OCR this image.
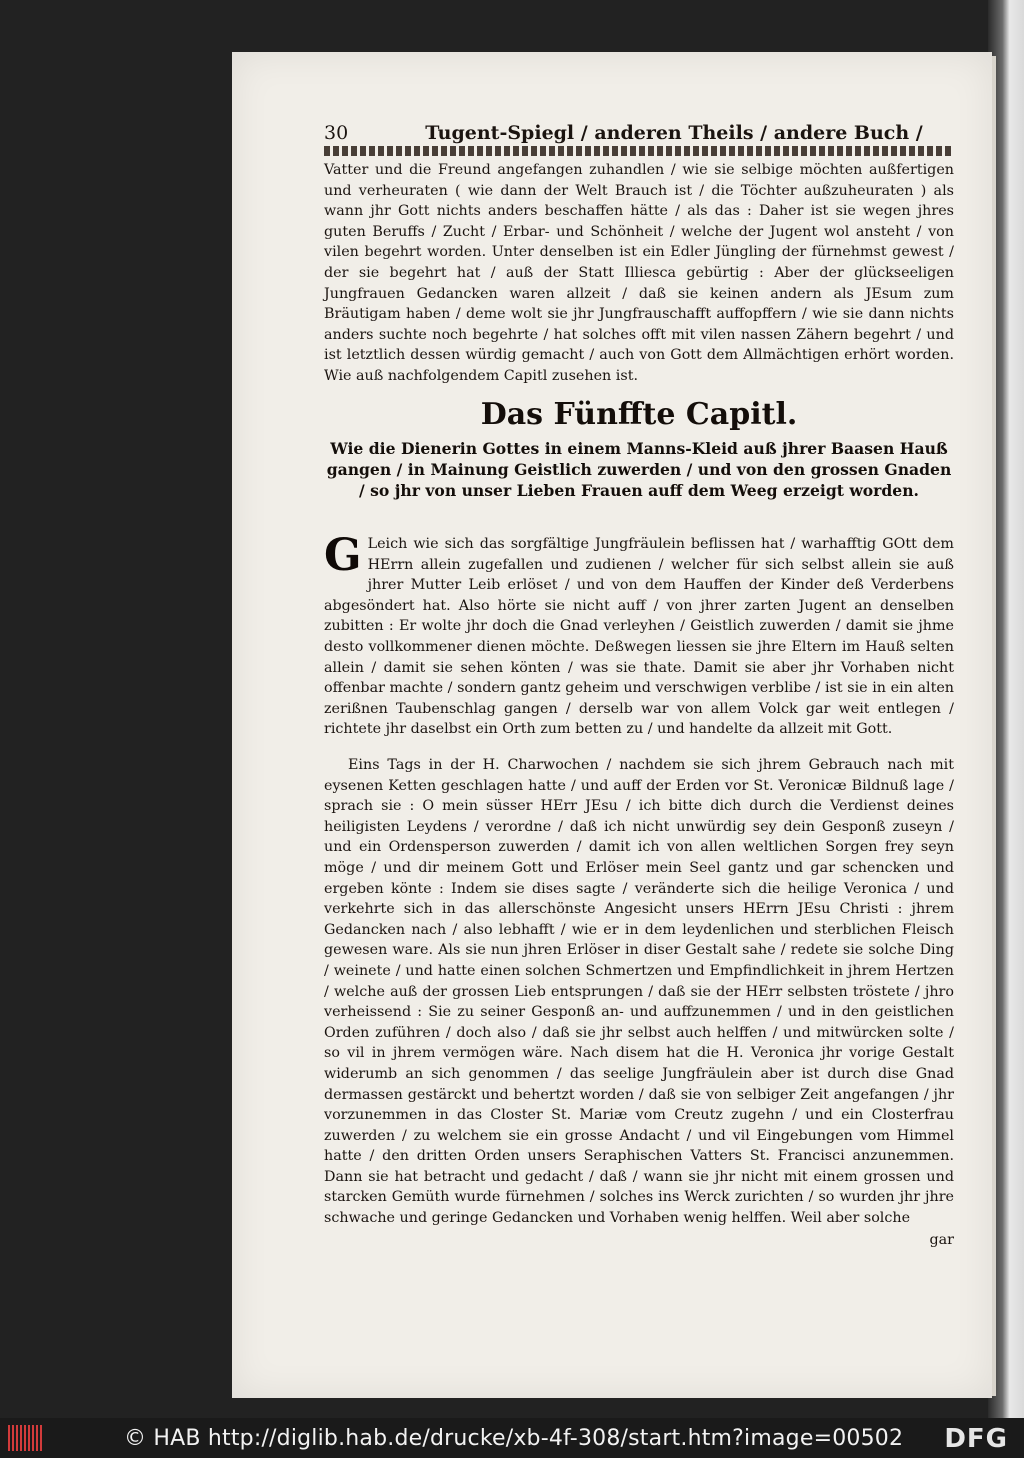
30	Tugent-Spiegl / anderen Theils / andere Buch /

Vatter und die Freund angefangen zuhandlen / wie sie selbige möchten außfertigen und verheuraten ( wie dann der Welt Brauch ist / die Töchter außzuheuraten ) als wann jhr Gott nichts anders beschaffen hätte / als das : Daher ist sie wegen jhres guten Beruffs / Zucht / Erbar- und Schönheit / welche der Jugent wol ansteht / von vilen begehrt worden. Unter denselben ist ein Edler Jüngling der fürnehmst gewest / der sie begehrt hat / auß der Statt Illiesca gebürtig : Aber der glückseeligen Jungfrauen Gedancken waren allzeit / daß sie keinen andern als JEsum zum Bräutigam haben / deme wolt sie jhr Jungfrauschafft auffopffern / wie sie dann nichts anders suchte noch begehrte / hat solches offt mit vilen nassen Zähern begehrt / und ist letztlich dessen würdig gemacht / auch von Gott dem Allmächtigen erhört worden. Wie auß nachfolgendem Capitl zusehen ist.

Das Fünffte Capitl.
Wie die Dienerin Gottes in einem Manns-Kleid auß jhrer Baasen Hauß gangen / in Mainung Geistlich zuwerden / und von den grossen Gnaden / so jhr von unser Lieben Frauen auff dem Weeg erzeigt worden.
G Leich wie sich das sorgfältige Jungfräulein beflissen hat / warhafftig GOtt dem HErrn allein zugefallen und zudienen / welcher für sich selbst allein sie auß jhrer Mutter Leib erlöset / und von dem Hauffen der Kinder deß Verderbens abgesöndert hat. Also hörte sie nicht auff / von jhrer zarten Jugent an denselben zubitten : Er wolte jhr doch die Gnad verleyhen / Geistlich zuwerden / damit sie jhme desto vollkommener dienen möchte. Deßwegen liessen sie jhre Eltern im Hauß selten allein / damit sie sehen könten / was sie thate. Damit sie aber jhr Vorhaben nicht offenbar machte / sondern gantz geheim und verschwigen verblibe / ist sie in ein alten zerißnen Taubenschlag gangen / derselb war von allem Volck gar weit entlegen / richtete jhr daselbst ein Orth zum betten zu / und handelte da allzeit mit Gott.
Eins Tags in der H. Charwochen / nachdem sie sich jhrem Gebrauch nach mit eysenen Ketten geschlagen hatte / und auff der Erden vor St. Veronicæ Bildnuß lage / sprach sie : O mein süsser HErr JEsu / ich bitte dich durch die Verdienst deines heiligisten Leydens / verordne / daß ich nicht unwürdig sey dein Gesponß zuseyn / und ein Ordensperson zuwerden / damit ich von allen weltlichen Sorgen frey seyn möge / und dir meinem Gott und Erlöser mein Seel gantz und gar schencken und ergeben könte : Indem sie dises sagte / veränderte sich die heilige Veronica / und verkehrte sich in das allerschönste Angesicht unsers HErrn JEsu Christi : jhrem Gedancken nach / also lebhafft / wie er in dem leydenlichen und sterblichen Fleisch gewesen ware. Als sie nun jhren Erlöser in diser Gestalt sahe / redete sie solche Ding / weinete / und hatte einen solchen Schmertzen und Empfindlichkeit in jhrem Hertzen / welche auß der grossen Lieb entsprungen / daß sie der HErr selbsten tröstete / jhro verheissend : Sie zu seiner Gesponß an- und auffzunemmen / und in den geistlichen Orden zuführen / doch also / daß sie jhr selbst auch helffen / und mitwürcken solte / so vil in jhrem vermögen wäre. Nach disem hat die H. Veronica jhr vorige Gestalt widerumb an sich genommen / das seelige Jungfräulein aber ist durch dise Gnad dermassen gestärckt und behertzt worden / daß sie von selbiger Zeit angefangen / jhr vorzunemmen in das Closter St. Mariæ vom Creutz zugehn / und ein Closterfrau zuwerden / zu welchem sie ein grosse Andacht / und vil Eingebungen vom Himmel hatte / den dritten Orden unsers Seraphischen Vatters St. Francisci anzunemmen. Dann sie hat betracht und gedacht / daß / wann sie jhr nicht mit einem grossen und starcken Gemüth wurde fürnehmen / solches ins Werck zurichten / so wurden jhr jhre schwache und geringe Gedancken und Vorhaben wenig helffen. Weil aber solche
gar
© HAB http://diglib.hab.de/drucke/xb-4f-308/start.htm?image=00502 DFG
